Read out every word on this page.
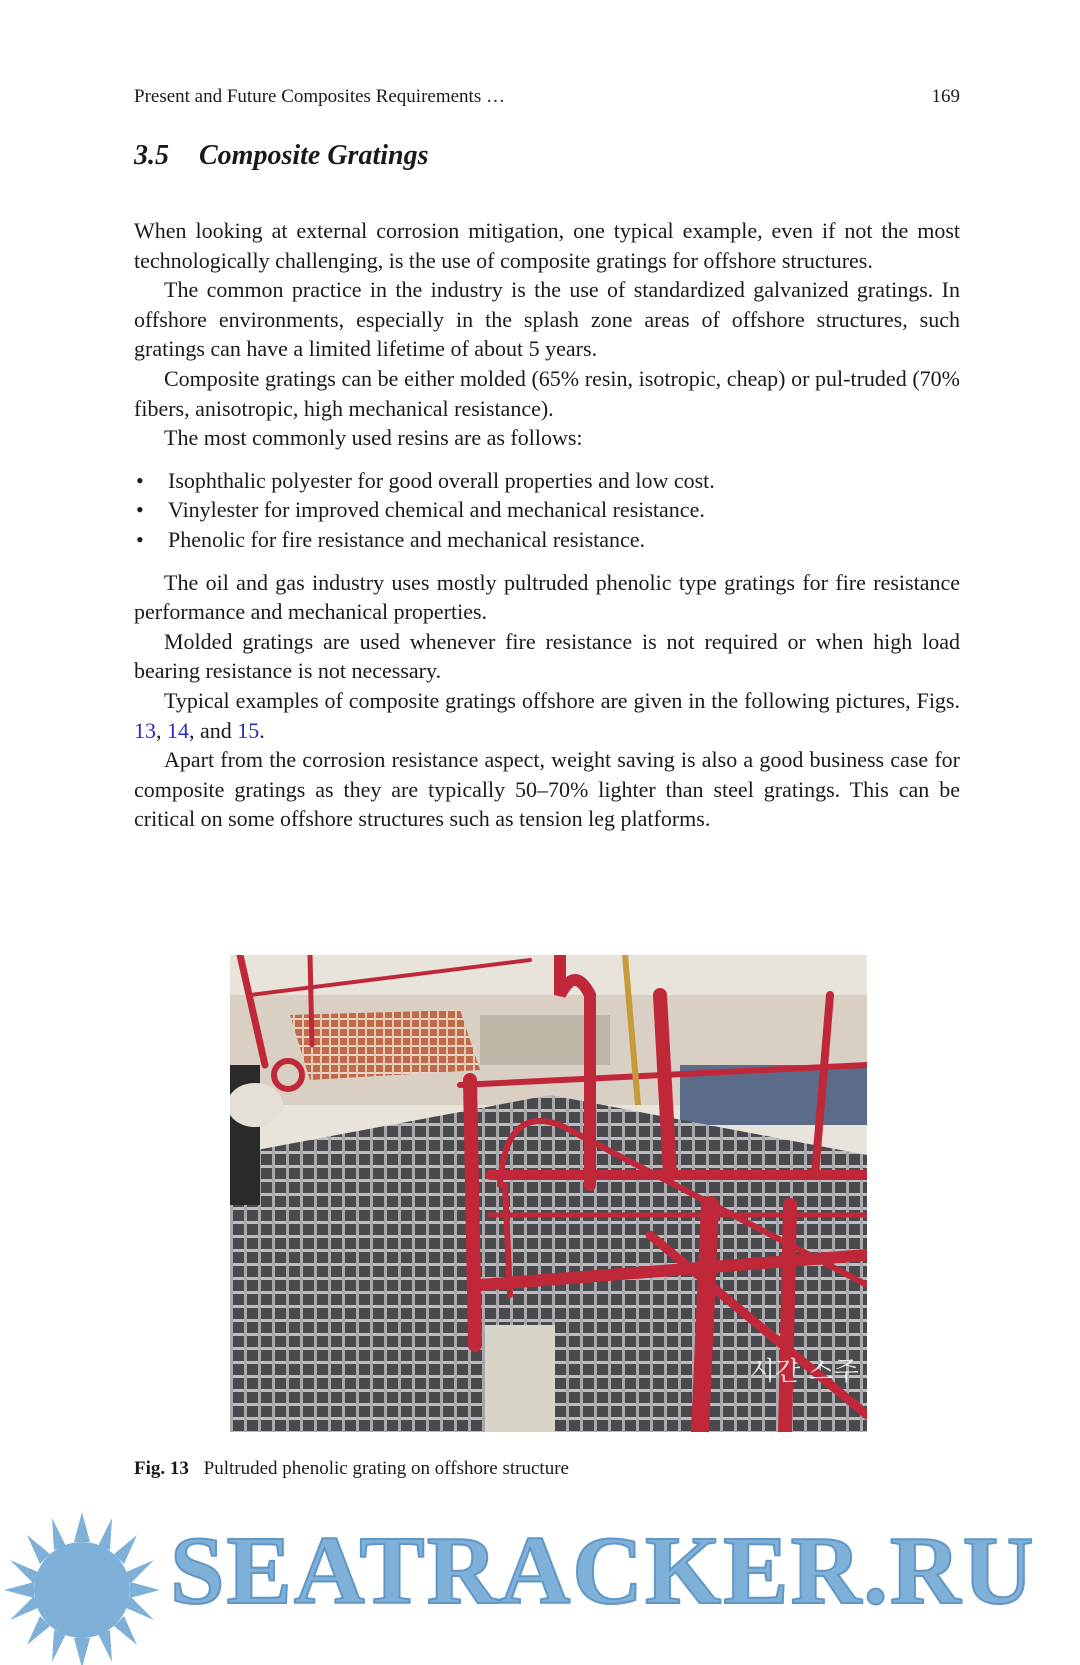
Present and Future Composites Requirements …	169
3.5 Composite Gratings

When looking at external corrosion mitigation, one typical example, even if not the most technologically challenging, is the use of composite gratings for offshore structures.

The common practice in the industry is the use of standardized galvanized gratings. In offshore environments, especially in the splash zone areas of offshore structures, such gratings can have a limited lifetime of about 5 years.

Composite gratings can be either molded (65% resin, isotropic, cheap) or pul-truded (70% fibers, anisotropic, high mechanical resistance).

The most commonly used resins are as follows:

• Isophthalic polyester for good overall properties and low cost.
• Vinylester for improved chemical and mechanical resistance.
• Phenolic for fire resistance and mechanical resistance.

The oil and gas industry uses mostly pultruded phenolic type gratings for fire resistance performance and mechanical properties.

Molded gratings are used whenever fire resistance is not required or when high load bearing resistance is not necessary.

Typical examples of composite gratings offshore are given in the following pictures, Figs. 13, 14, and 15.

Apart from the corrosion resistance aspect, weight saving is also a good business case for composite gratings as they are typically 50–70% lighter than steel gratings. This can be critical on some offshore structures such as tension leg platforms.

시간 스주
Fig. 13 Pultruded phenolic grating on offshore structure
SEATRACKER.RU
